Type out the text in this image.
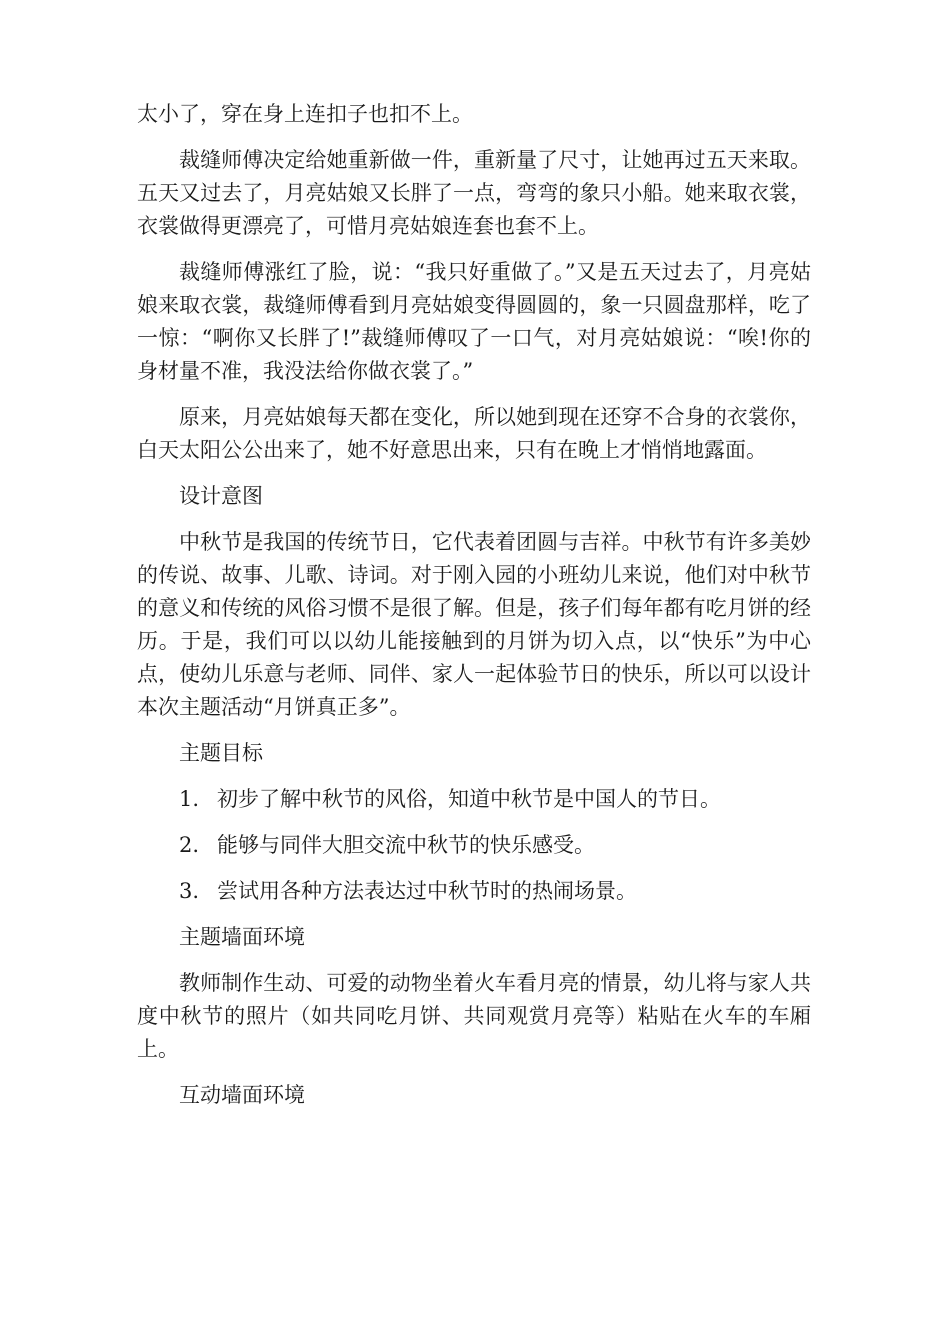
太小了，穿在身上连扣子也扣不上。

裁缝师傅决定给她重新做一件，重新量了尺寸，让她再过五天来取。五天又过去了，月亮姑娘又长胖了一点，弯弯的象只小船。她来取衣裳，衣裳做得更漂亮了，可惜月亮姑娘连套也套不上。

裁缝师傅涨红了脸，说：“我只好重做了。”又是五天过去了，月亮姑娘来取衣裳，裁缝师傅看到月亮姑娘变得圆圆的，象一只圆盘那样，吃了一惊：“啊你又长胖了!”裁缝师傅叹了一口气，对月亮姑娘说：“唉!你的身材量不准，我没法给你做衣裳了。”

原来，月亮姑娘每天都在变化，所以她到现在还穿不合身的衣裳你，白天太阳公公出来了，她不好意思出来，只有在晚上才悄悄地露面。

设计意图

中秋节是我国的传统节日，它代表着团圆与吉祥。中秋节有许多美妙的传说、故事、儿歌、诗词。对于刚入园的小班幼儿来说，他们对中秋节的意义和传统的风俗习惯不是很了解。但是，孩子们每年都有吃月饼的经历。于是，我们可以以幼儿能接触到的月饼为切入点，以“快乐”为中心点，使幼儿乐意与老师、同伴、家人一起体验节日的快乐，所以可以设计本次主题活动“月饼真正多”。

主题目标

1. 初步了解中秋节的风俗，知道中秋节是中国人的节日。
2. 能够与同伴大胆交流中秋节的快乐感受。
3. 尝试用各种方法表达过中秋节时的热闹场景。

主题墙面环境

教师制作生动、可爱的动物坐着火车看月亮的情景，幼儿将与家人共度中秋节的照片（如共同吃月饼、共同观赏月亮等）粘贴在火车的车厢上。

互动墙面环境
